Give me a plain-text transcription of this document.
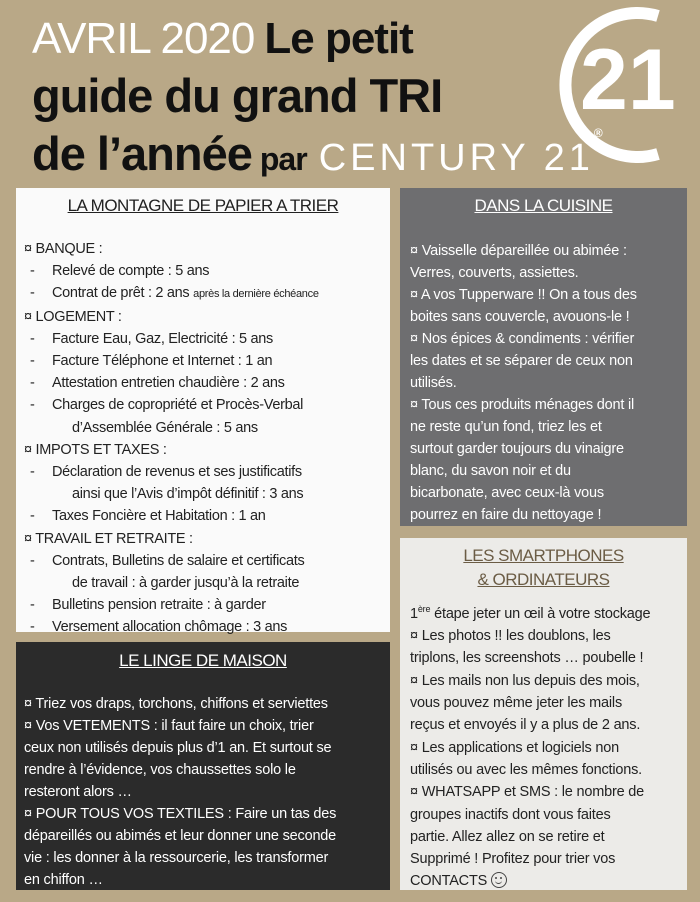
AVRIL 2020 Le petit
guide du grand TRI
de l’année par CENTURY 21®
21
LA MONTAGNE DE PAPIER A TRIER
¤ BANQUE :
- Relevé de compte : 5 ans
- Contrat de prêt : 2 ans après la dernière échéance
¤ LOGEMENT :
- Facture Eau, Gaz, Electricité : 5 ans
- Facture Téléphone et Internet : 1 an
- Attestation entretien chaudière : 2 ans
- Charges de copropriété et Procès-Verbal
d’Assemblée Générale : 5 ans
¤ IMPOTS ET TAXES :
- Déclaration de revenus et ses justificatifs
ainsi que l’Avis d’impôt définitif : 3 ans
- Taxes Foncière et Habitation : 1 an
¤ TRAVAIL ET RETRAITE :
- Contrats, Bulletins de salaire et certificats
de travail : à garder jusqu’à la retraite
- Bulletins pension retraite : à garder
- Versement allocation chômage : 3 ans
DANS LA CUISINE
¤ Vaisselle dépareillée ou abimée :
Verres, couverts, assiettes.
¤ A vos Tupperware !! On a tous des
boites sans couvercle, avouons-le !
¤ Nos épices & condiments : vérifier
les dates et se séparer de ceux non
utilisés.
¤ Tous ces produits ménages dont il
ne reste qu’un fond, triez les et
surtout garder toujours du vinaigre
blanc, du savon noir et du
bicarbonate, avec ceux-là vous
pourrez en faire du nettoyage !
LES SMARTPHONES
& ORDINATEURS
1ère étape jeter un œil à votre stockage
¤ Les photos !! les doublons, les
triplons, les screenshots … poubelle !
¤ Les mails non lus depuis des mois,
vous pouvez même jeter les mails
reçus et envoyés il y a plus de 2 ans.
¤ Les applications et logiciels non
utilisés ou avec les mêmes fonctions.
¤ WHATSAPP et SMS : le nombre de
groupes inactifs dont vous faites
partie. Allez allez on se retire et
Supprimé ! Profitez pour trier vos
CONTACTS
LE LINGE DE MAISON
¤ Triez vos draps, torchons, chiffons et serviettes
¤ Vos VETEMENTS : il faut faire un choix, trier
ceux non utilisés depuis plus d’1 an. Et surtout se
rendre à l’évidence, vos chaussettes solo le
resteront alors …
¤ POUR TOUS VOS TEXTILES : Faire un tas des
dépareillés ou abimés et leur donner une seconde
vie : les donner à la ressourcerie, les transformer
en chiffon …
